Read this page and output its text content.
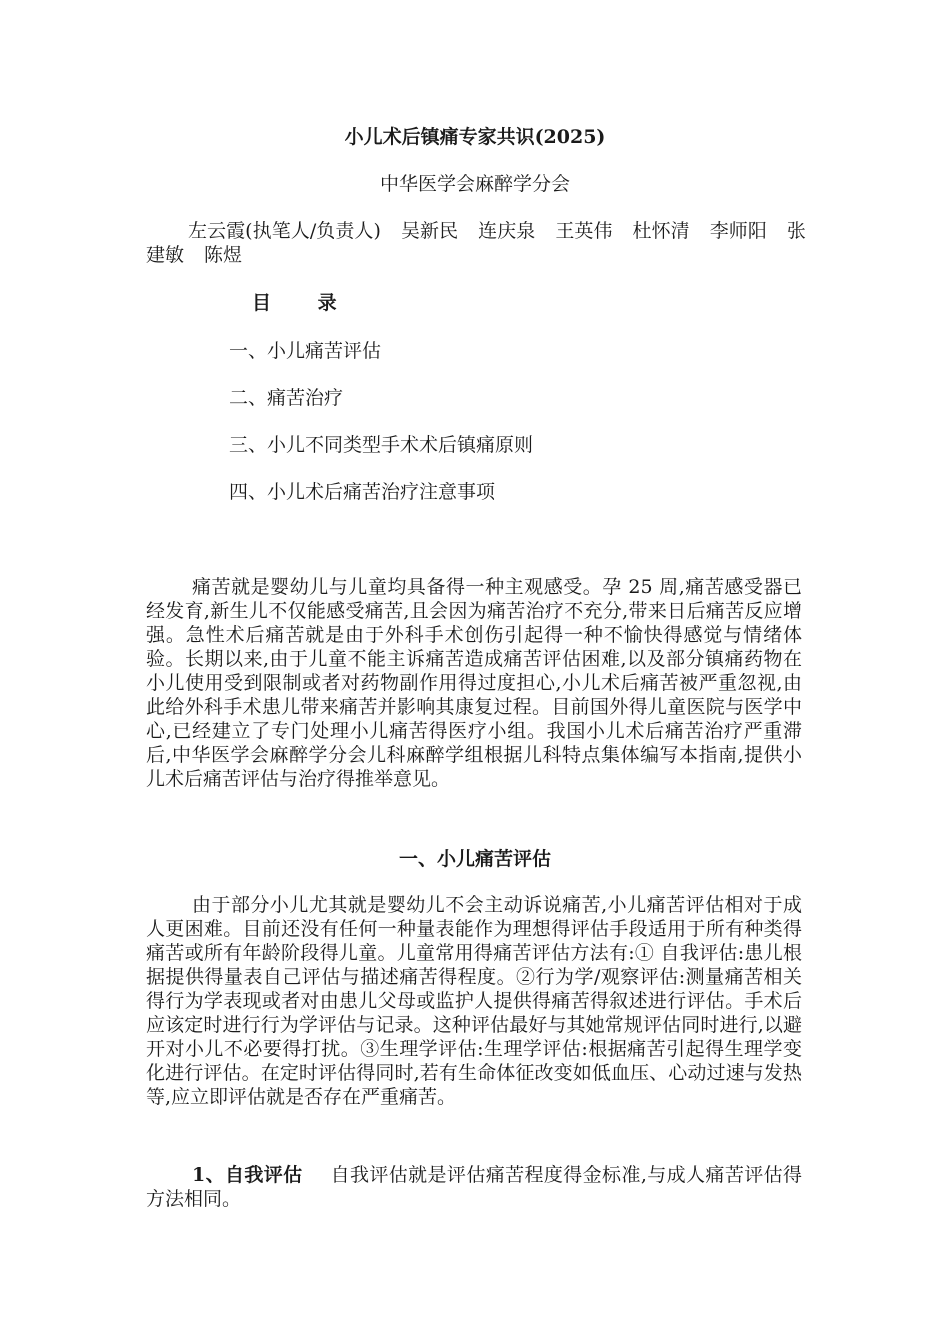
小儿术后镇痛专家共识(2025)
中华医学会麻醉学分会
左云霞(执笔人/负责人) 吴新民 连庆泉 王英伟 杜怀清 李师阳 张建敏 陈煜
目 录
一、小儿痛苦评估
二、痛苦治疗
三、小儿不同类型手术术后镇痛原则
四、小儿术后痛苦治疗注意事项
痛苦就是婴幼儿与儿童均具备得一种主观感受。孕 25 周,痛苦感受器已经发育,新生儿不仅能感受痛苦,且会因为痛苦治疗不充分,带来日后痛苦反应增强。急性术后痛苦就是由于外科手术创伤引起得一种不愉快得感觉与情绪体验。长期以来,由于儿童不能主诉痛苦造成痛苦评估困难,以及部分镇痛药物在小儿使用受到限制或者对药物副作用得过度担心,小儿术后痛苦被严重忽视,由此给外科手术患儿带来痛苦并影响其康复过程。目前国外得儿童医院与医学中心,已经建立了专门处理小儿痛苦得医疗小组。我国小儿术后痛苦治疗严重滞后,中华医学会麻醉学分会儿科麻醉学组根据儿科特点集体编写本指南,提供小儿术后痛苦评估与治疗得推举意见。
一、小儿痛苦评估
由于部分小儿尤其就是婴幼儿不会主动诉说痛苦,小儿痛苦评估相对于成人更困难。目前还没有任何一种量表能作为理想得评估手段适用于所有种类得痛苦或所有年龄阶段得儿童。儿童常用得痛苦评估方法有:① 自我评估:患儿根据提供得量表自己评估与描述痛苦得程度。②行为学/观察评估:测量痛苦相关得行为学表现或者对由患儿父母或监护人提供得痛苦得叙述进行评估。手术后应该定时进行行为学评估与记录。这种评估最好与其她常规评估同时进行,以避开对小儿不必要得打扰。③生理学评估:生理学评估:根据痛苦引起得生理学变化进行评估。在定时评估得同时,若有生命体征改变如低血压、心动过速与发热等,应立即评估就是否存在严重痛苦。
1、自我评估 自我评估就是评估痛苦程度得金标准,与成人痛苦评估得方法相同。
